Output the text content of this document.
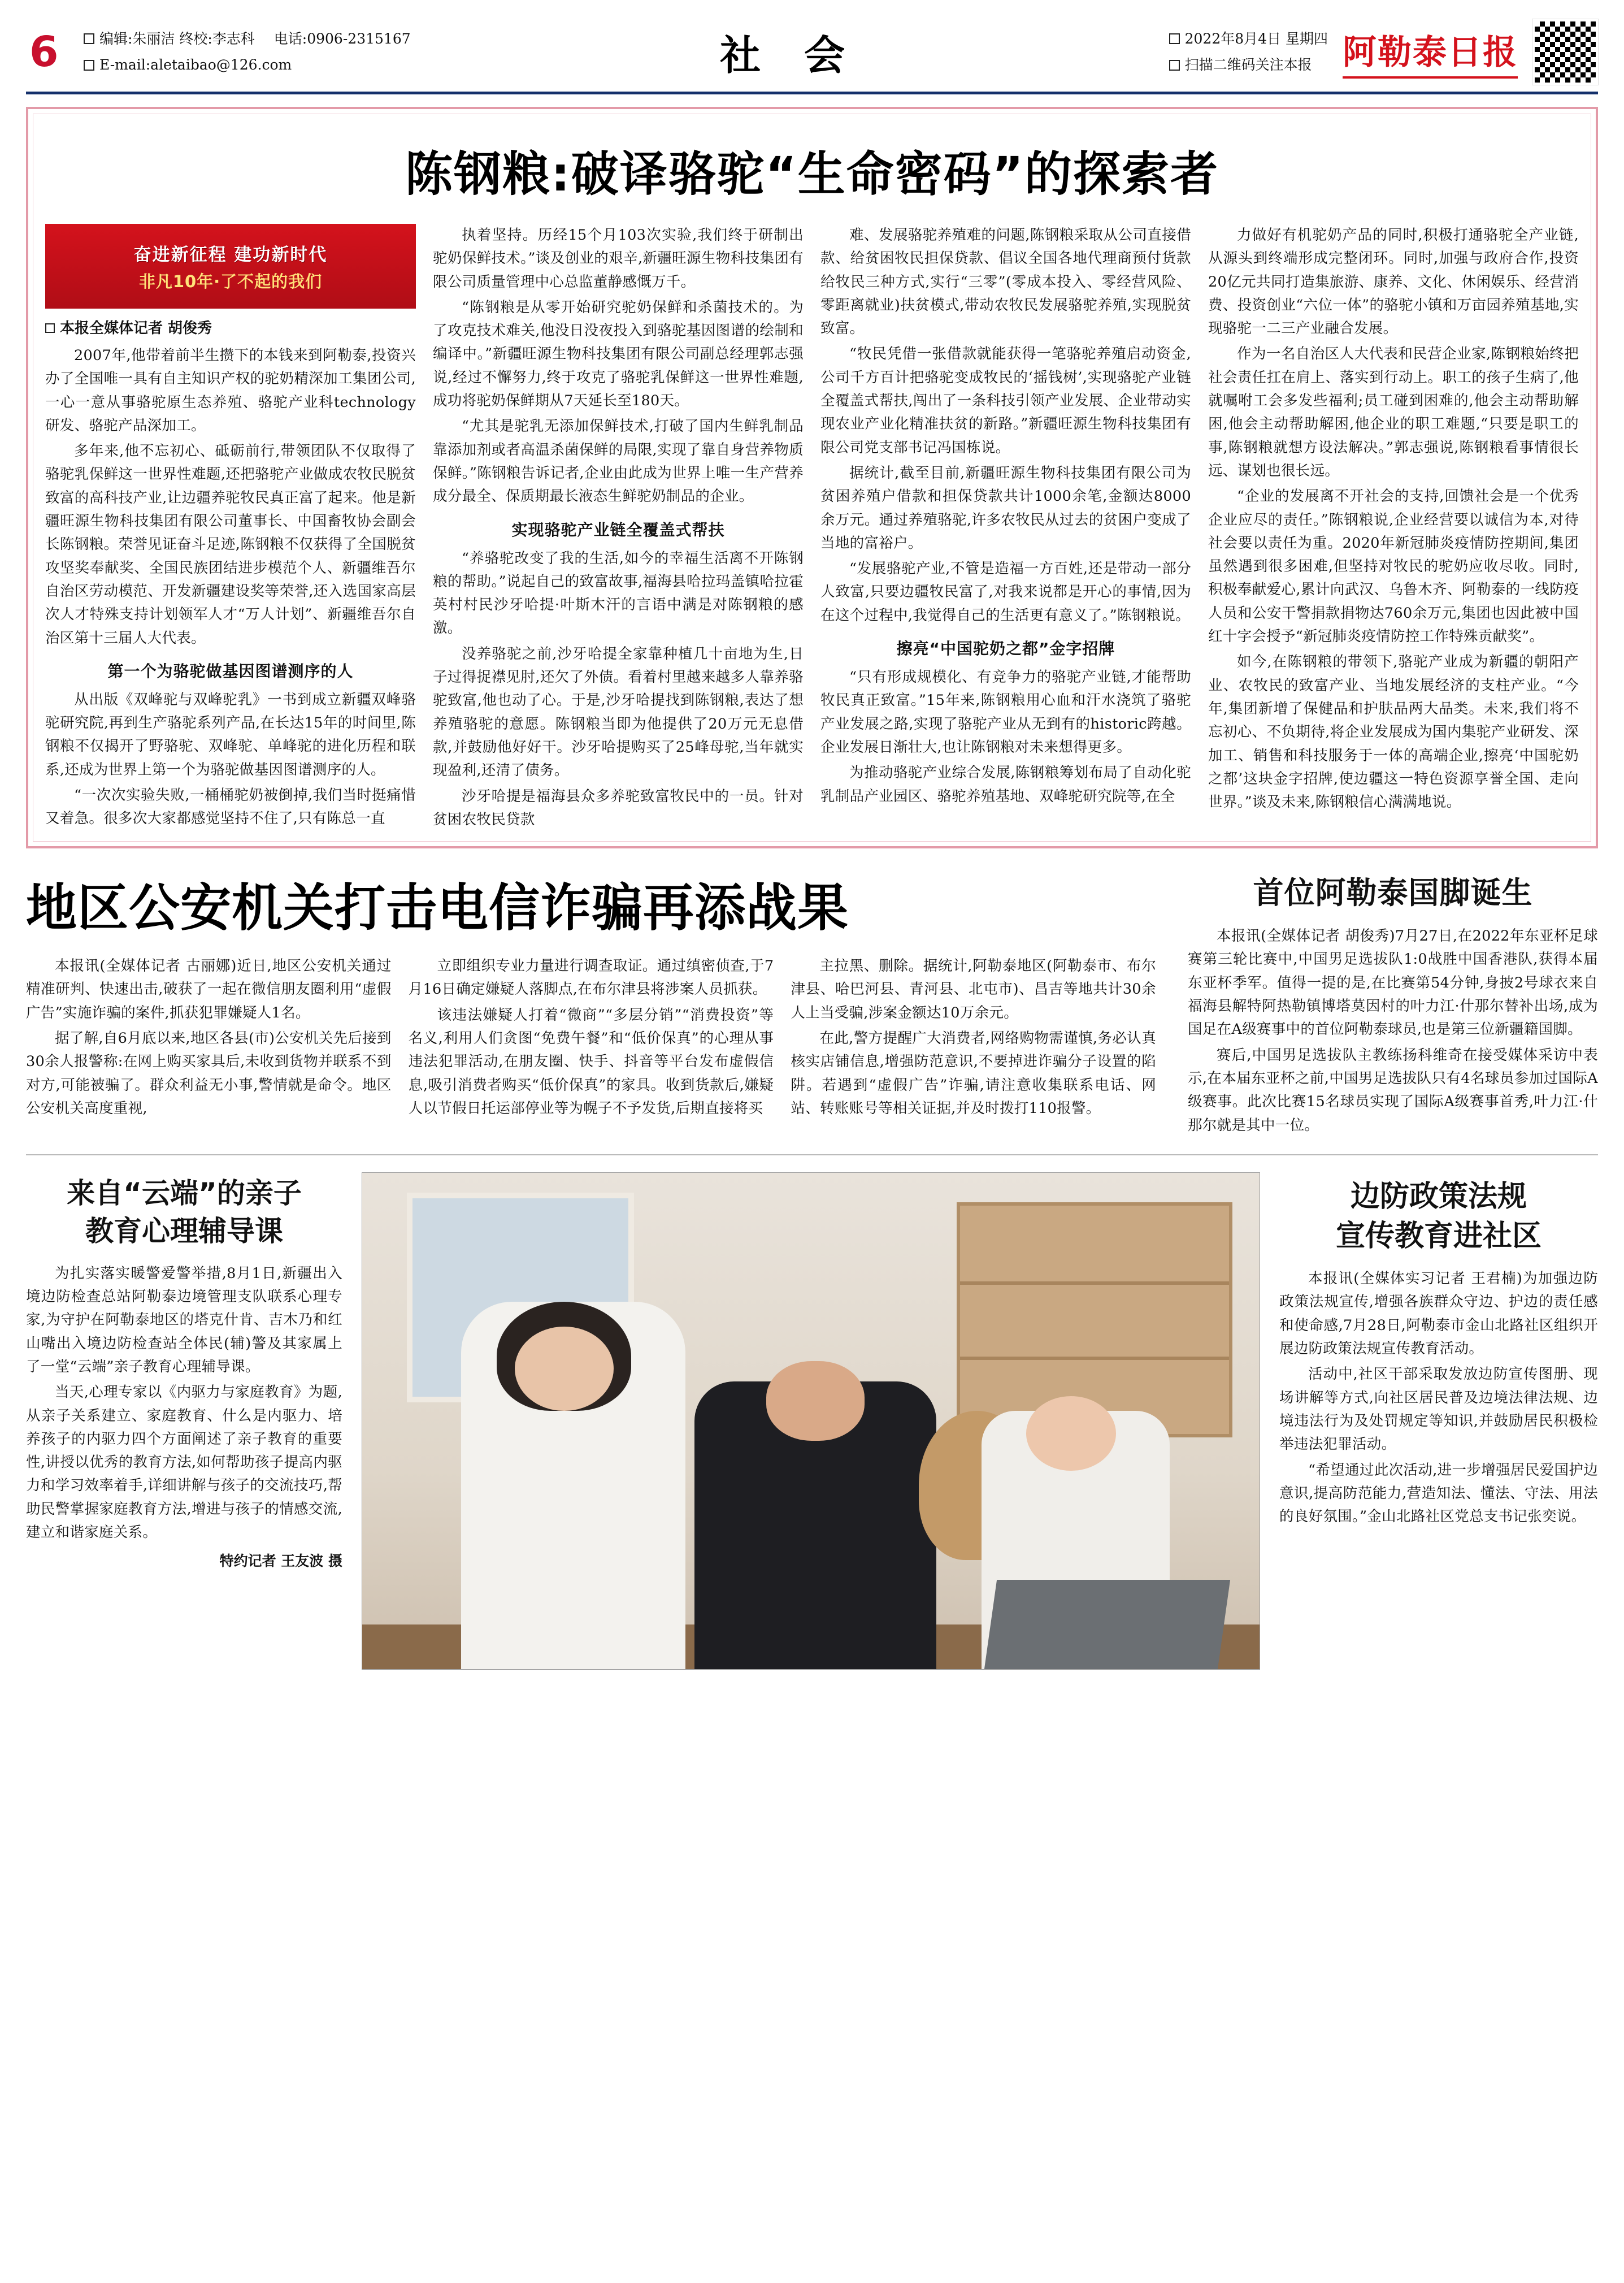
6	编辑:朱丽洁 终校:李志科 电话:0906-2315167
E-mail:aletaibao@126.com	社 会	2022年8月4日 星期四
扫描二维码关注本报 阿勒泰日报
陈钢粮:破译骆驼“生命密码”的探索者
奋进新征程 建功新时代
非凡10年·了不起的我们
本报全媒体记者 胡俊秀

2007年,他带着前半生攒下的本钱来到阿勒泰,投资兴办了全国唯一具有自主知识产权的驼奶精深加工集团公司,一心一意从事骆驼原生态养殖、骆驼产业科technology研发、骆驼产品深加工。

多年来,他不忘初心、砥砺前行,带领团队不仅取得了骆驼乳保鲜这一世界性难题,还把骆驼产业做成农牧民脱贫致富的高科技产业,让边疆养驼牧民真正富了起来。他是新疆旺源生物科技集团有限公司董事长、中国畜牧协会副会长陈钢粮。荣誉见证奋斗足迹,陈钢粮不仅获得了全国脱贫攻坚奖奉献奖、全国民族团结进步模范个人、新疆维吾尔自治区劳动模范、开发新疆建设奖等荣誉,还入选国家高层次人才特殊支持计划领军人才“万人计划”、新疆维吾尔自治区第十三届人大代表。

第一个为骆驼做基因图谱测序的人

从出版《双峰驼与双峰驼乳》一书到成立新疆双峰骆驼研究院,再到生产骆驼系列产品,在长达15年的时间里,陈钢粮不仅揭开了野骆驼、双峰驼、单峰驼的进化历程和联系,还成为世界上第一个为骆驼做基因图谱测序的人。

“一次次实验失败,一桶桶驼奶被倒掉,我们当时挺痛惜又着急。很多次大家都感觉坚持不住了,只有陈总一直

执着坚持。历经15个月103次实验,我们终于研制出驼奶保鲜技术。”谈及创业的艰辛,新疆旺源生物科技集团有限公司质量管理中心总监董静感慨万千。

“陈钢粮是从零开始研究驼奶保鲜和杀菌技术的。为了攻克技术难关,他没日没夜投入到骆驼基因图谱的绘制和编译中。”新疆旺源生物科技集团有限公司副总经理郭志强说,经过不懈努力,终于攻克了骆驼乳保鲜这一世界性难题,成功将驼奶保鲜期从7天延长至180天。

“尤其是驼乳无添加保鲜技术,打破了国内生鲜乳制品靠添加剂或者高温杀菌保鲜的局限,实现了靠自身营养物质保鲜。”陈钢粮告诉记者,企业由此成为世界上唯一生产营养成分最全、保质期最长液态生鲜驼奶制品的企业。

实现骆驼产业链全覆盖式帮扶

“养骆驼改变了我的生活,如今的幸福生活离不开陈钢粮的帮助。”说起自己的致富故事,福海县哈拉玛盖镇哈拉霍英村村民沙牙哈提·叶斯木汗的言语中满是对陈钢粮的感激。

没养骆驼之前,沙牙哈提全家靠种植几十亩地为生,日子过得捉襟见肘,还欠了外债。看着村里越来越多人靠养骆驼致富,他也动了心。于是,沙牙哈提找到陈钢粮,表达了想养殖骆驼的意愿。陈钢粮当即为他提供了20万元无息借款,并鼓励他好好干。沙牙哈提购买了25峰母驼,当年就实现盈利,还清了债务。

沙牙哈提是福海县众多养驼致富牧民中的一员。针对贫困农牧民贷款

难、发展骆驼养殖难的问题,陈钢粮采取从公司直接借款、给贫困牧民担保贷款、倡议全国各地代理商预付货款给牧民三种方式,实行“三零”(零成本投入、零经营风险、零距离就业)扶贫模式,带动农牧民发展骆驼养殖,实现脱贫致富。

“牧民凭借一张借款就能获得一笔骆驼养殖启动资金,公司千方百计把骆驼变成牧民的‘摇钱树’,实现骆驼产业链全覆盖式帮扶,闯出了一条科技引领产业发展、企业带动实现农业产业化精准扶贫的新路。”新疆旺源生物科技集团有限公司党支部书记冯国栋说。

据统计,截至目前,新疆旺源生物科技集团有限公司为贫困养殖户借款和担保贷款共计1000余笔,金额达8000余万元。通过养殖骆驼,许多农牧民从过去的贫困户变成了当地的富裕户。

“发展骆驼产业,不管是造福一方百姓,还是带动一部分人致富,只要边疆牧民富了,对我来说都是开心的事情,因为在这个过程中,我觉得自己的生活更有意义了。”陈钢粮说。

擦亮“中国驼奶之都”金字招牌

“只有形成规模化、有竞争力的骆驼产业链,才能帮助牧民真正致富。”15年来,陈钢粮用心血和汗水浇筑了骆驼产业发展之路,实现了骆驼产业从无到有的historic跨越。企业发展日渐壮大,也让陈钢粮对未来想得更多。

为推动骆驼产业综合发展,陈钢粮筹划布局了自动化驼乳制品产业园区、骆驼养殖基地、双峰驼研究院等,在全

力做好有机驼奶产品的同时,积极打通骆驼全产业链,从源头到终端形成完整闭环。同时,加强与政府合作,投资20亿元共同打造集旅游、康养、文化、休闲娱乐、经营消费、投资创业“六位一体”的骆驼小镇和万亩园养殖基地,实现骆驼一二三产业融合发展。

作为一名自治区人大代表和民营企业家,陈钢粮始终把社会责任扛在肩上、落实到行动上。职工的孩子生病了,他就嘱咐工会多发些福利;员工碰到困难的,他会主动帮助解困,他会主动帮助解困,他企业的职工难题,“只要是职工的事,陈钢粮就想方设法解决。”郭志强说,陈钢粮看事情很长远、谋划也很长远。

“企业的发展离不开社会的支持,回馈社会是一个优秀企业应尽的责任。”陈钢粮说,企业经营要以诚信为本,对待社会要以责任为重。2020年新冠肺炎疫情防控期间,集团虽然遇到很多困难,但坚持对牧民的驼奶应收尽收。同时,积极奉献爱心,累计向武汉、乌鲁木齐、阿勒泰的一线防疫人员和公安干警捐款捐物达760余万元,集团也因此被中国红十字会授予“新冠肺炎疫情防控工作特殊贡献奖”。

如今,在陈钢粮的带领下,骆驼产业成为新疆的朝阳产业、农牧民的致富产业、当地发展经济的支柱产业。“今年,集团新增了保健品和护肤品两大品类。未来,我们将不忘初心、不负期待,将企业发展成为国内集驼产业研发、深加工、销售和科技服务于一体的高端企业,擦亮‘中国驼奶之都’这块金字招牌,使边疆这一特色资源享誉全国、走向世界。”谈及未来,陈钢粮信心满满地说。

地区公安机关打击电信诈骗再添战果

本报讯(全媒体记者 古丽娜)近日,地区公安机关通过精准研判、快速出击,破获了一起在微信朋友圈利用“虚假广告”实施诈骗的案件,抓获犯罪嫌疑人1名。

据了解,自6月底以来,地区各县(市)公安机关先后接到30余人报警称:在网上购买家具后,未收到货物并联系不到对方,可能被骗了。群众利益无小事,警情就是命令。地区公安机关高度重视,

立即组织专业力量进行调查取证。通过缜密侦查,于7月16日确定嫌疑人落脚点,在布尔津县将涉案人员抓获。

该违法嫌疑人打着“微商”“多层分销”“消费投资”等名义,利用人们贪图“免费午餐”和“低价保真”的心理从事违法犯罪活动,在朋友圈、快手、抖音等平台发布虚假信息,吸引消费者购买“低价保真”的家具。收到货款后,嫌疑人以节假日托运部停业等为幌子不予发货,后期直接将买

主拉黑、删除。据统计,阿勒泰地区(阿勒泰市、布尔津县、哈巴河县、青河县、北屯市)、昌吉等地共计30余人上当受骗,涉案金额达10万余元。

在此,警方提醒广大消费者,网络购物需谨慎,务必认真核实店铺信息,增强防范意识,不要掉进诈骗分子设置的陷阱。若遇到“虚假广告”诈骗,请注意收集联系电话、网站、转账账号等相关证据,并及时拨打110报警。

首位阿勒泰国脚诞生

本报讯(全媒体记者 胡俊秀)7月27日,在2022年东亚杯足球赛第三轮比赛中,中国男足选拔队1:0战胜中国香港队,获得本届东亚杯季军。值得一提的是,在比赛第54分钟,身披2号球衣来自福海县解特阿热勒镇博塔莫因村的叶力江·什那尔替补出场,成为国足在A级赛事中的首位阿勒泰球员,也是第三位新疆籍国脚。

赛后,中国男足选拔队主教练扬科维奇在接受媒体采访中表示,在本届东亚杯之前,中国男足选拔队只有4名球员参加过国际A级赛事。此次比赛15名球员实现了国际A级赛事首秀,叶力江·什那尔就是其中一位。

来自“云端”的亲子
教育心理辅导课

为扎实落实暖警爱警举措,8月1日,新疆出入境边防检查总站阿勒泰边境管理支队联系心理专家,为守护在阿勒泰地区的塔克什肯、吉木乃和红山嘴出入境边防检查站全体民(辅)警及其家属上了一堂“云端”亲子教育心理辅导课。

当天,心理专家以《内驱力与家庭教育》为题,从亲子关系建立、家庭教育、什么是内驱力、培养孩子的内驱力四个方面阐述了亲子教育的重要性,讲授以优秀的教育方法,如何帮助孩子提高内驱力和学习效率着手,详细讲解与孩子的交流技巧,帮助民警掌握家庭教育方法,增进与孩子的情感交流,建立和谐家庭关系。

特约记者 王友波 摄
边防政策法规
宣传教育进社区

本报讯(全媒体实习记者 王君楠)为加强边防政策法规宣传,增强各族群众守边、护边的责任感和使命感,7月28日,阿勒泰市金山北路社区组织开展边防政策法规宣传教育活动。

活动中,社区干部采取发放边防宣传图册、现场讲解等方式,向社区居民普及边境法律法规、边境违法行为及处罚规定等知识,并鼓励居民积极检举违法犯罪活动。

“希望通过此次活动,进一步增强居民爱国护边意识,提高防范能力,营造知法、懂法、守法、用法的良好氛围。”金山北路社区党总支书记张奕说。
